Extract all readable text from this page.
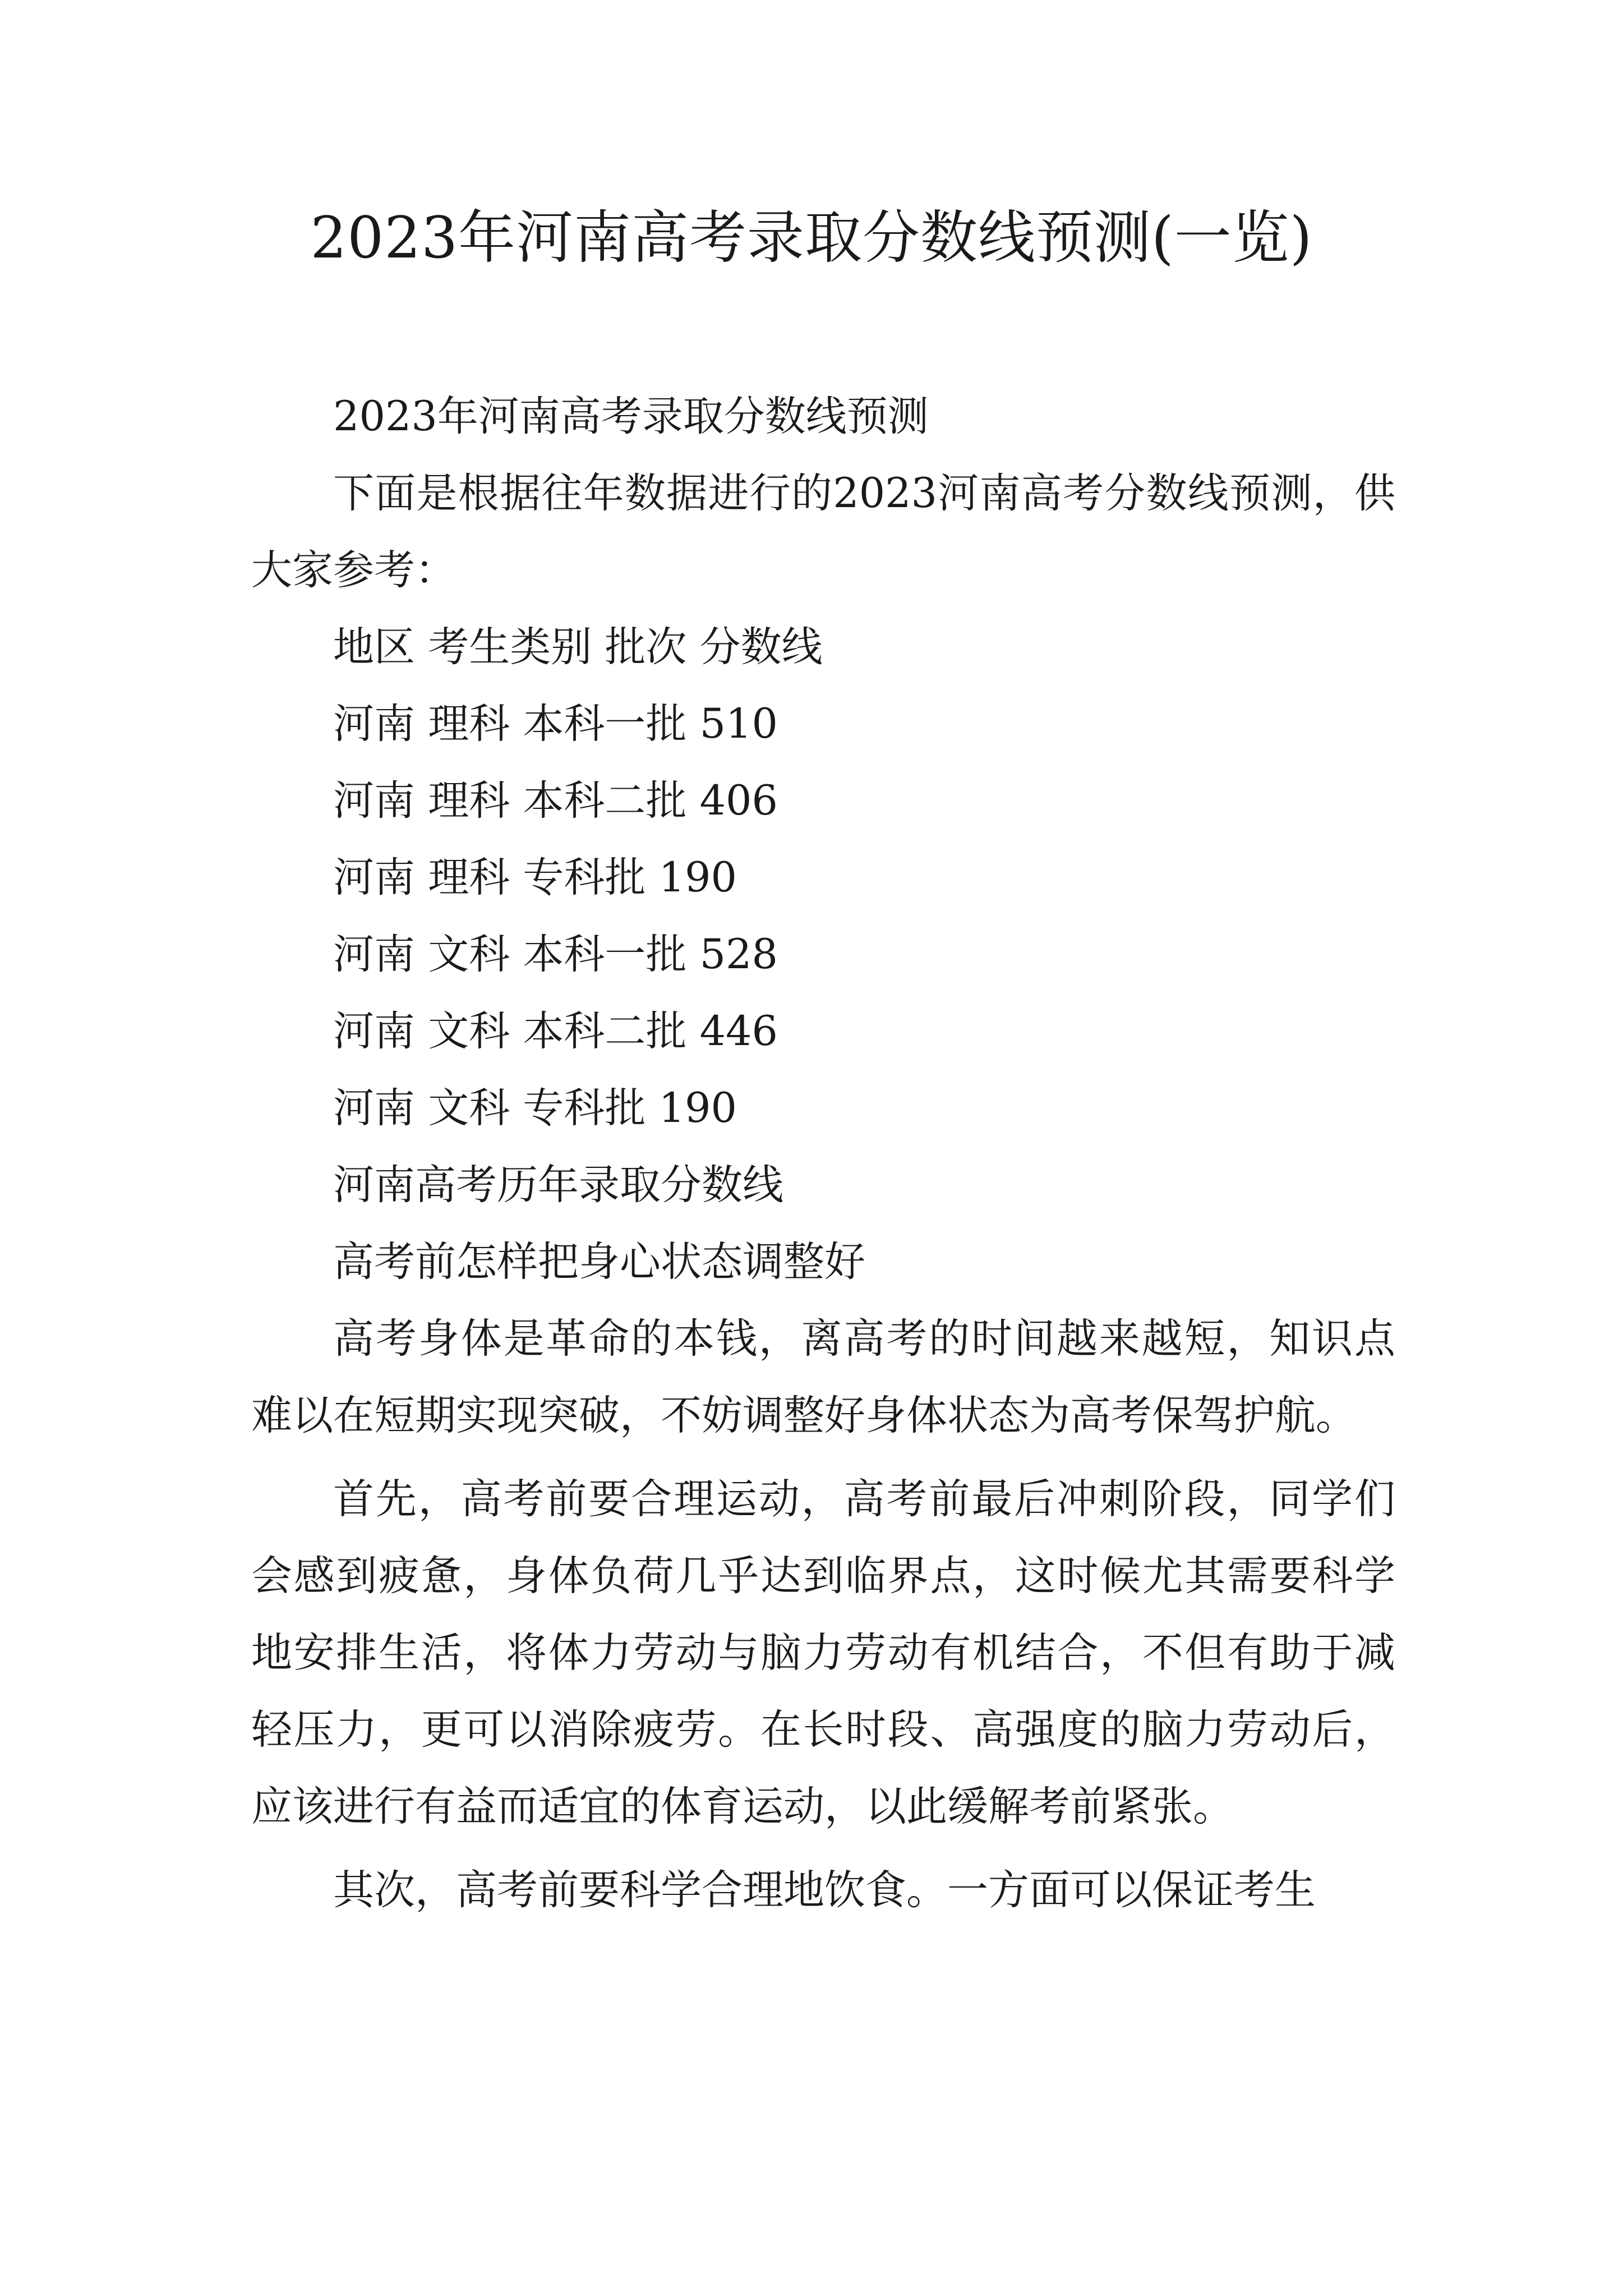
2023年河南高考录取分数线预测(一览)

2023年河南高考录取分数线预测

下面是根据往年数据进行的2023河南高考分数线预测，供大家参考：

地区 考生类别 批次 分数线

河南 理科 本科一批 510

河南 理科 本科二批 406

河南 理科 专科批 190

河南 文科 本科一批 528

河南 文科 本科二批 446

河南 文科 专科批 190

河南高考历年录取分数线

高考前怎样把身心状态调整好

高考身体是革命的本钱，离高考的时间越来越短，知识点难以在短期实现突破，不妨调整好身体状态为高考保驾护航。

首先，高考前要合理运动，高考前最后冲刺阶段，同学们会感到疲惫，身体负荷几乎达到临界点，这时候尤其需要科学地安排生活，将体力劳动与脑力劳动有机结合，不但有助于减轻压力，更可以消除疲劳。在长时段、高强度的脑力劳动后，应该进行有益而适宜的体育运动，以此缓解考前紧张。

其次，高考前要科学合理地饮食。一方面可以保证考生
